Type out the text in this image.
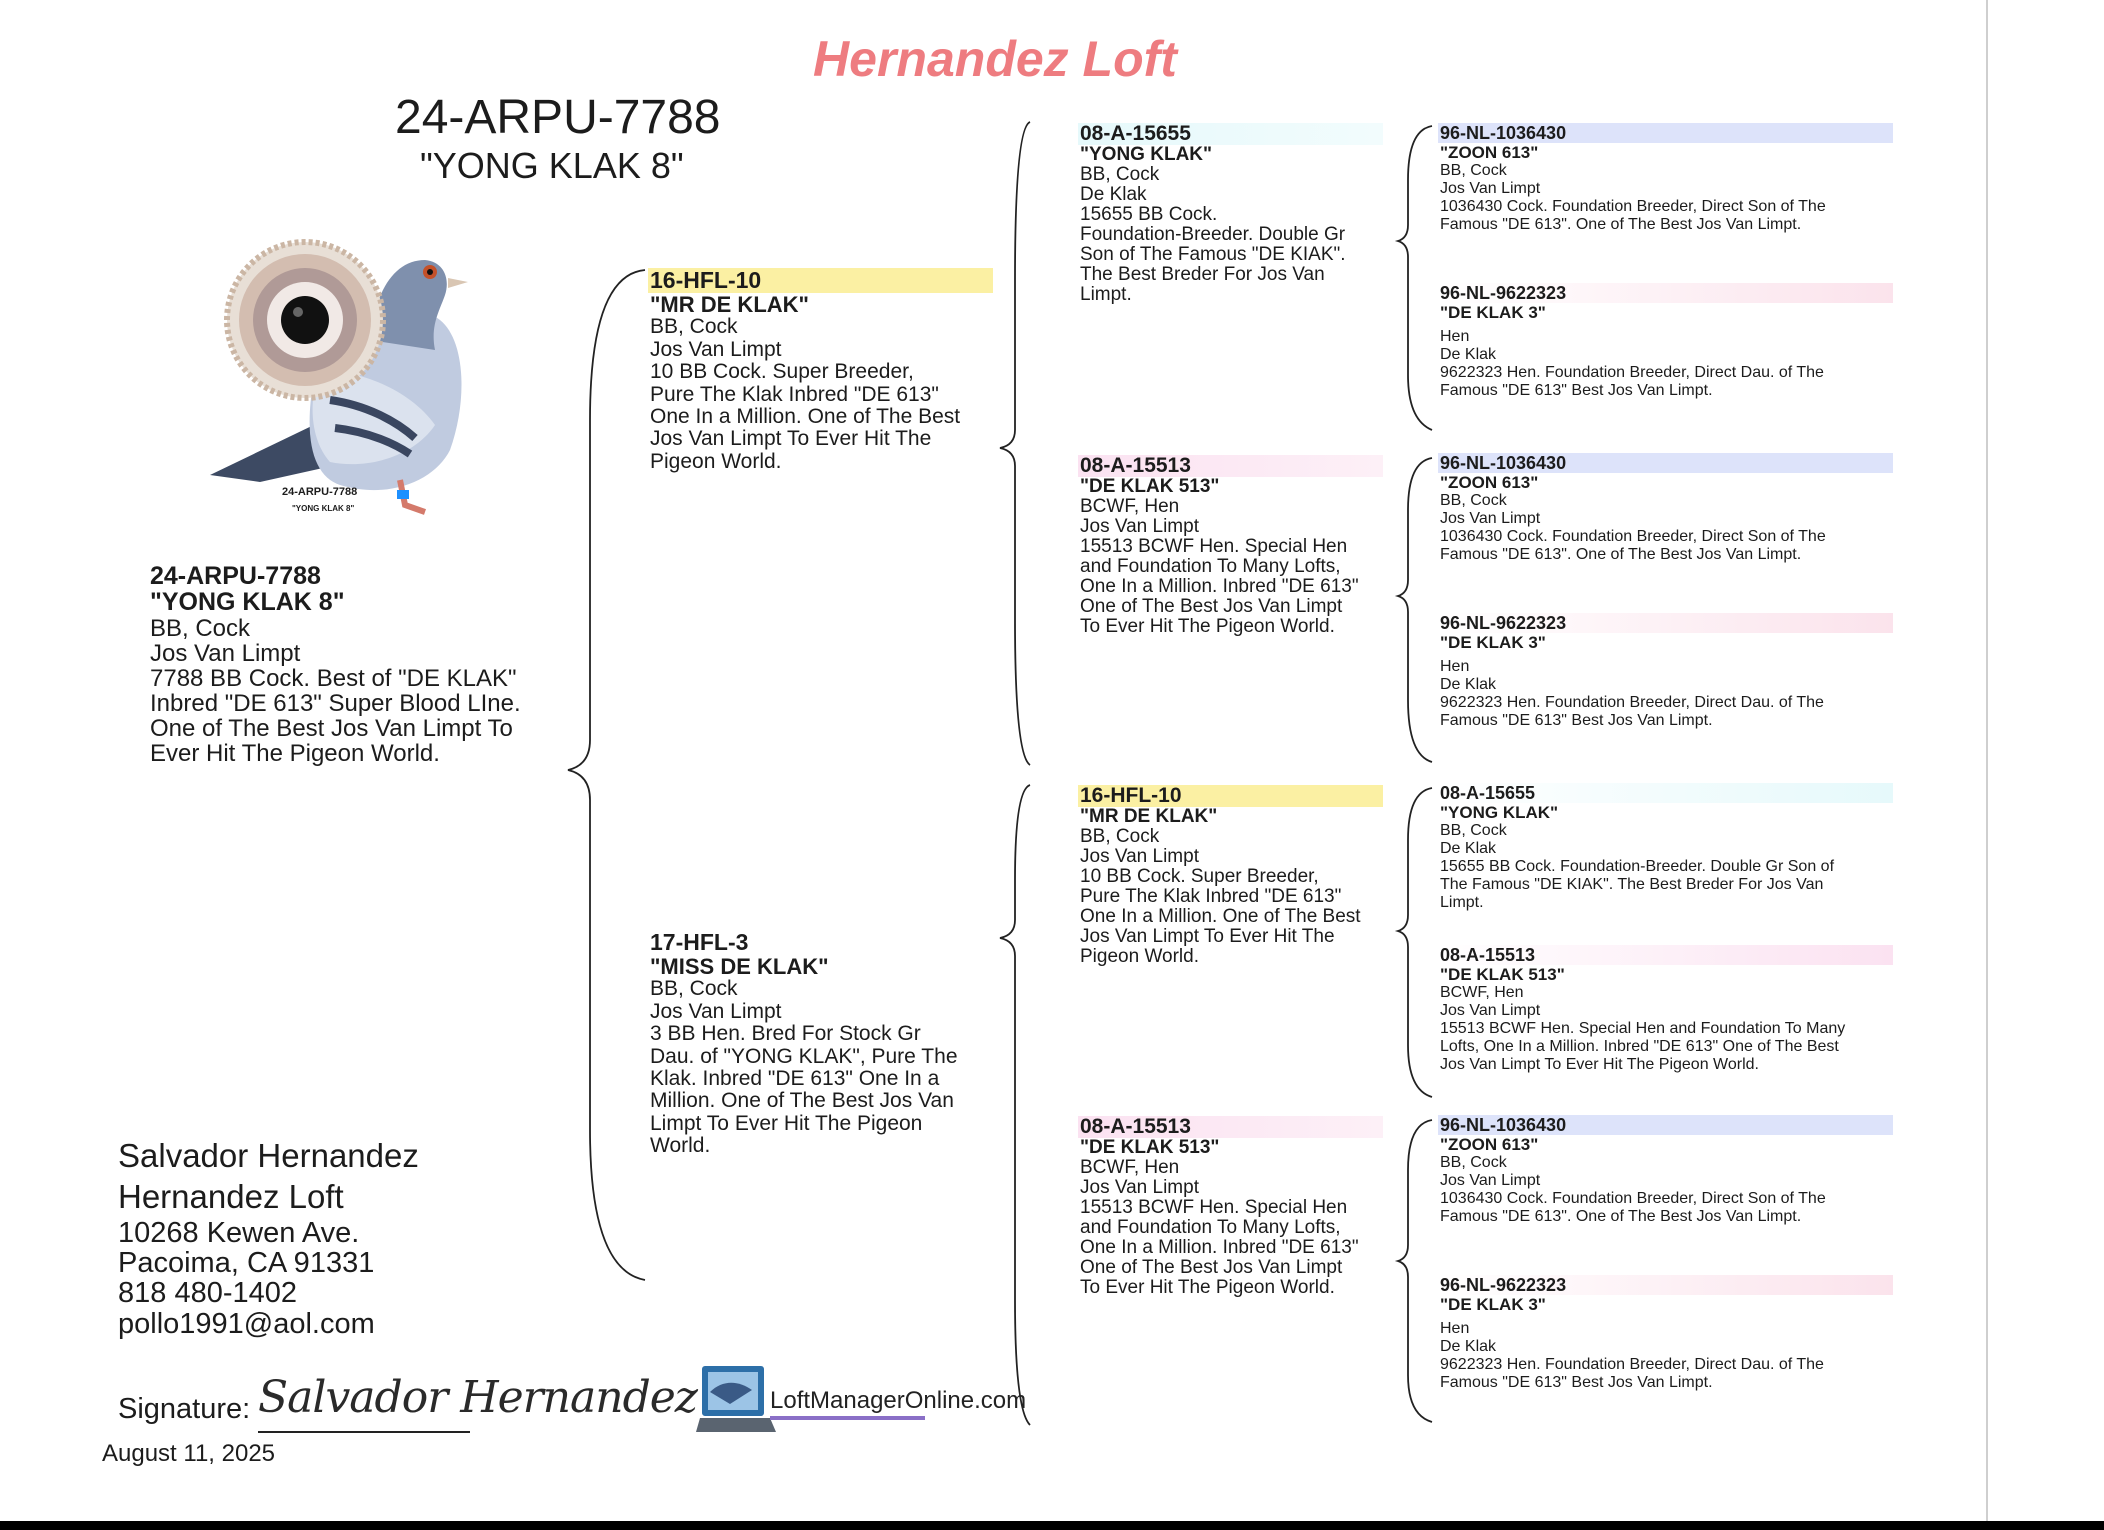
Hernandez Loft
24-ARPU-7788
"YONG KLAK 8"
24-ARPU-7788
"YONG KLAK 8"
24-ARPU-7788
"YONG KLAK 8"
BB, Cock
Jos Van Limpt
7788 BB Cock. Best of "DE KLAK"
Inbred "DE 613" Super Blood LIne.
One of The Best Jos Van Limpt To
Ever Hit The Pigeon World.
16-HFL-10
"MR DE KLAK"
BB, Cock
Jos Van Limpt
10 BB Cock. Super Breeder,
Pure The Klak Inbred "DE 613"
One In a Million. One of The Best
Jos Van Limpt To Ever Hit The
Pigeon World.
17-HFL-3
"MISS DE KLAK"
BB, Cock
Jos Van Limpt
3 BB Hen. Bred For Stock Gr
Dau. of "YONG KLAK", Pure The
Klak. Inbred "DE 613" One In a
Million. One of The Best Jos Van
Limpt To Ever Hit The Pigeon
World.
08-A-15655
"YONG KLAK"
BB, Cock
De Klak
15655 BB Cock.
Foundation-Breeder. Double Gr
Son of The Famous "DE KIAK".
The Best Breder For Jos Van
Limpt.
08-A-15513
"DE KLAK 513"
BCWF, Hen
Jos Van Limpt
15513 BCWF Hen. Special Hen
and Foundation To Many Lofts,
One In a Million. Inbred "DE 613"
One of The Best Jos Van Limpt
To Ever Hit The Pigeon World.
16-HFL-10
"MR DE KLAK"
BB, Cock
Jos Van Limpt
10 BB Cock. Super Breeder,
Pure The Klak Inbred "DE 613"
One In a Million. One of The Best
Jos Van Limpt To Ever Hit The
Pigeon World.
08-A-15513
"DE KLAK 513"
BCWF, Hen
Jos Van Limpt
15513 BCWF Hen. Special Hen
and Foundation To Many Lofts,
One In a Million. Inbred "DE 613"
One of The Best Jos Van Limpt
To Ever Hit The Pigeon World.
96-NL-1036430
"ZOON 613"
BB, Cock
Jos Van Limpt
1036430 Cock. Foundation Breeder, Direct Son of The
Famous "DE 613". One of The Best Jos Van Limpt.
96-NL-9622323
"DE KLAK 3"
Hen
De Klak
9622323 Hen. Foundation Breeder, Direct Dau. of The
Famous "DE 613" Best Jos Van Limpt.
96-NL-1036430
"ZOON 613"
BB, Cock
Jos Van Limpt
1036430 Cock. Foundation Breeder, Direct Son of The
Famous "DE 613". One of The Best Jos Van Limpt.
96-NL-9622323
"DE KLAK 3"
Hen
De Klak
9622323 Hen. Foundation Breeder, Direct Dau. of The
Famous "DE 613" Best Jos Van Limpt.
08-A-15655
"YONG KLAK"
BB, Cock
De Klak
15655 BB Cock. Foundation-Breeder. Double Gr Son of
The Famous "DE KIAK". The Best Breder For Jos Van
Limpt.
08-A-15513
"DE KLAK 513"
BCWF, Hen
Jos Van Limpt
15513 BCWF Hen. Special Hen and Foundation To Many
Lofts, One In a Million. Inbred "DE 613" One of The Best
Jos Van Limpt To Ever Hit The Pigeon World.
96-NL-1036430
"ZOON 613"
BB, Cock
Jos Van Limpt
1036430 Cock. Foundation Breeder, Direct Son of The
Famous "DE 613". One of The Best Jos Van Limpt.
96-NL-9622323
"DE KLAK 3"
Hen
De Klak
9622323 Hen. Foundation Breeder, Direct Dau. of The
Famous "DE 613" Best Jos Van Limpt.
Salvador Hernandez
Hernandez Loft
10268 Kewen Ave.
Pacoima, CA 91331
818 480-1402
pollo1991@aol.com
Signature: Salvador Hernandez
August 11, 2025
LoftManagerOnline.com
